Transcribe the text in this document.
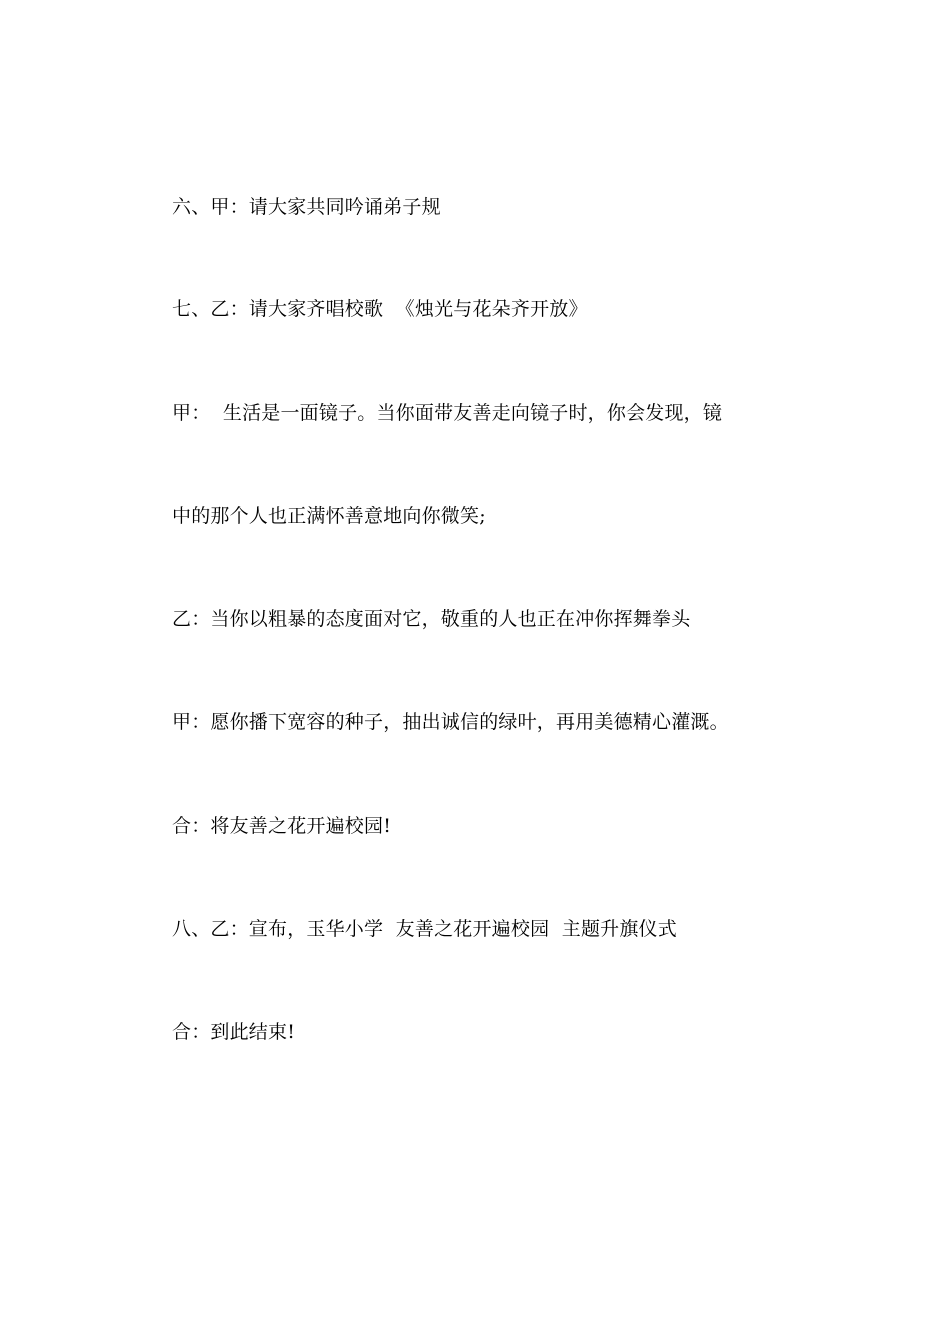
六、甲：请大家共同吟诵弟子规

七、乙：请大家齐唱校歌  《烛光与花朵齐开放》

甲：  生活是一面镜子。当你面带友善走向镜子时，你会发现，镜

中的那个人也正满怀善意地向你微笑;

乙：当你以粗暴的态度面对它，敬重的人也正在冲你挥舞拳头

甲：愿你播下宽容的种子，抽出诚信的绿叶，再用美德精心灌溉。

合：将友善之花开遍校园!

八、乙：宣布，玉华小学  友善之花开遍校园  主题升旗仪式

合：到此结束!
